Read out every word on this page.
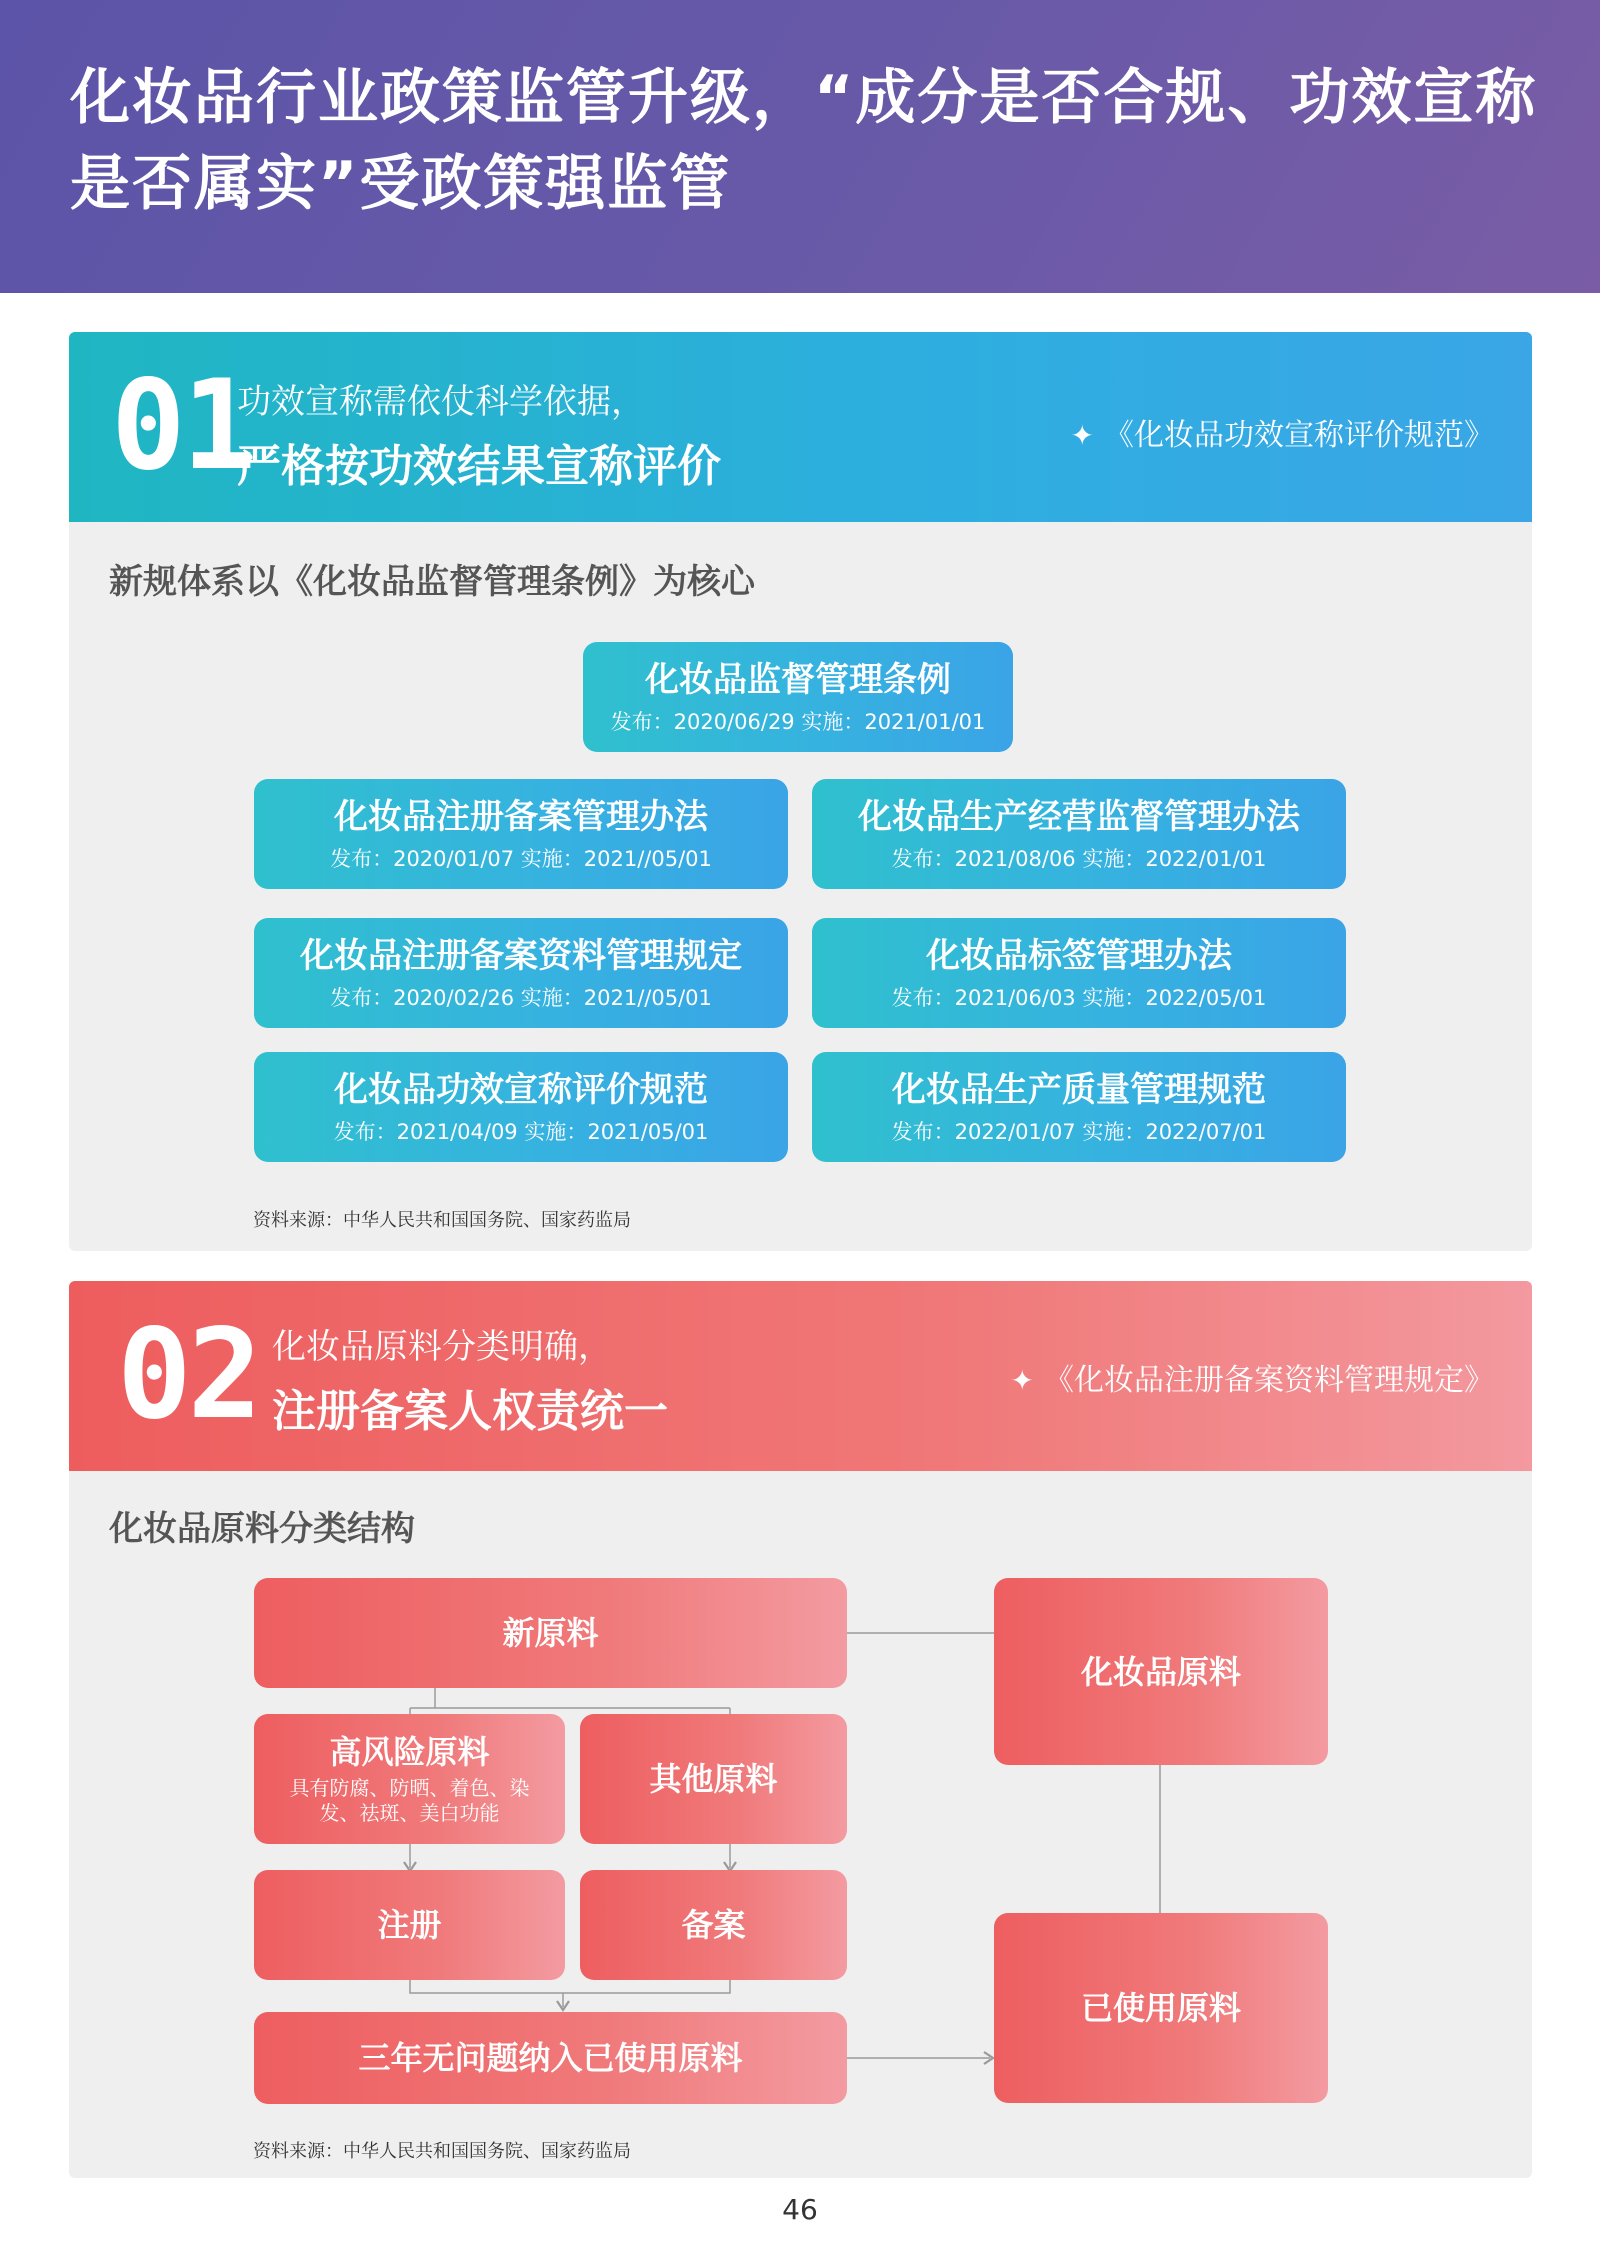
化妆品行业政策监管升级，“成分是否合规、功效宣称
是否属实”受政策强监管
01
功效宣称需依仗科学依据，
严格按功效结果宣称评价
✦ 《化妆品功效宣称评价规范》
新规体系以《化妆品监督管理条例》为核心
化妆品监督管理条例
发布：2020/06/29 实施：2021/01/01
化妆品注册备案管理办法
发布：2020/01/07 实施：2021//05/01
化妆品生产经营监督管理办法
发布：2021/08/06 实施：2022/01/01
化妆品注册备案资料管理规定
发布：2020/02/26 实施：2021//05/01
化妆品标签管理办法
发布：2021/06/03 实施：2022/05/01
化妆品功效宣称评价规范
发布：2021/04/09 实施：2021/05/01
化妆品生产质量管理规范
发布：2022/01/07 实施：2022/07/01
资料来源：中华人民共和国国务院、国家药监局
02 化妆品原料分类明确，
注册备案人权责统一
✦ 《化妆品注册备案资料管理规定》
化妆品原料分类结构
新原料
高风险原料
具有防腐、防晒、着色、染发、祛斑、美白功能
其他原料
注册	备案
三年无问题纳入已使用原料
化妆品原料
已使用原料
资料来源：中华人民共和国国务院、国家药监局
46
